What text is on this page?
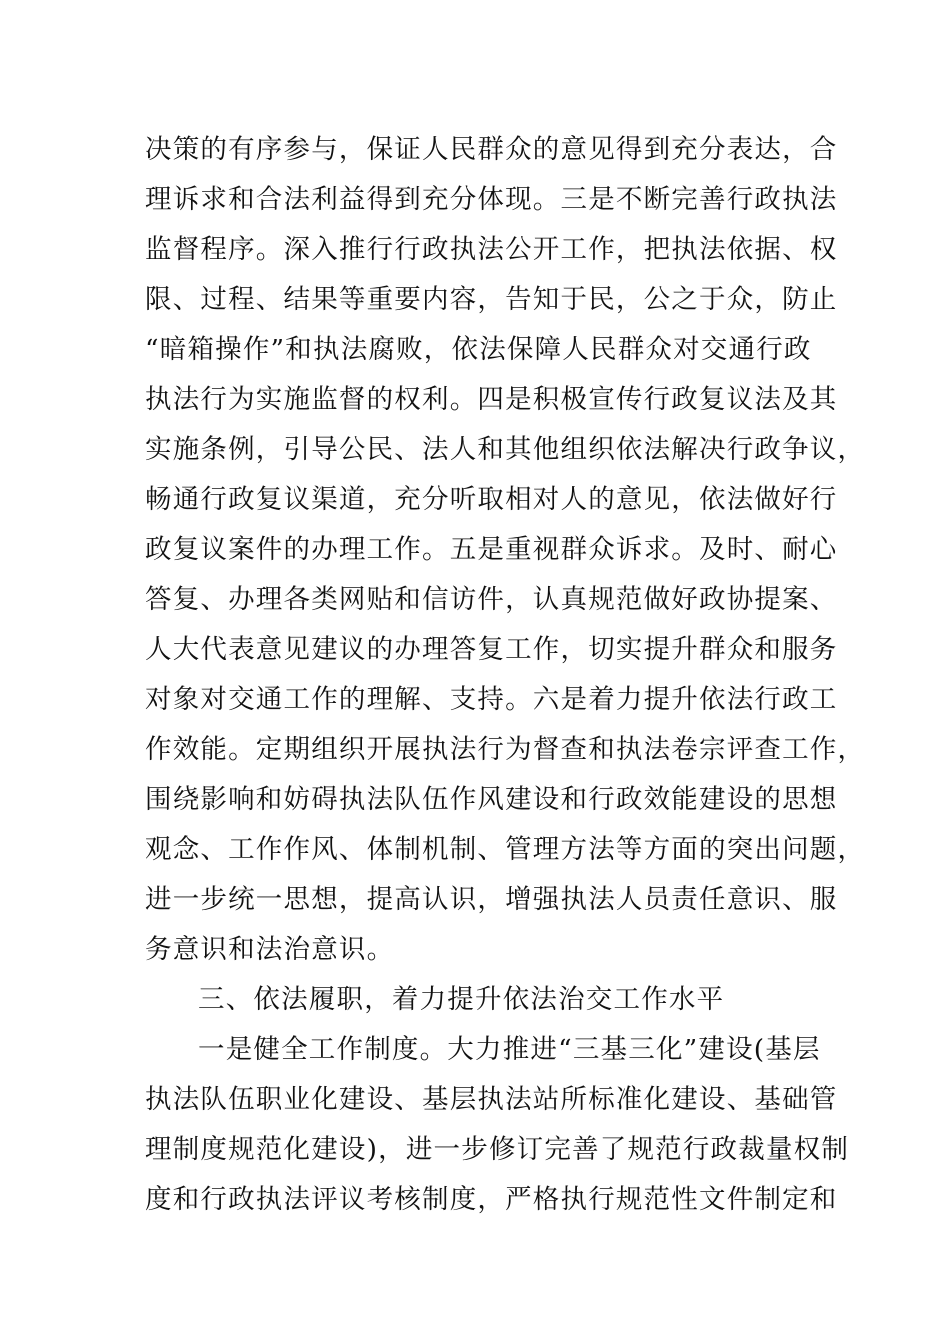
决策的有序参与，保证人民群众的意见得到充分表达，合
理诉求和合法利益得到充分体现。三是不断完善行政执法
监督程序。深入推行行政执法公开工作，把执法依据、权
限、过程、结果等重要内容，告知于民，公之于众，防止
“暗箱操作”和执法腐败，依法保障人民群众对交通行政
执法行为实施监督的权利。四是积极宣传行政复议法及其
实施条例，引导公民、法人和其他组织依法解决行政争议，
畅通行政复议渠道，充分听取相对人的意见，依法做好行
政复议案件的办理工作。五是重视群众诉求。及时、耐心
答复、办理各类网贴和信访件，认真规范做好政协提案、
人大代表意见建议的办理答复工作，切实提升群众和服务
对象对交通工作的理解、支持。六是着力提升依法行政工
作效能。定期组织开展执法行为督查和执法卷宗评查工作，
围绕影响和妨碍执法队伍作风建设和行政效能建设的思想
观念、工作作风、体制机制、管理方法等方面的突出问题，
进一步统一思想，提高认识，增强执法人员责任意识、服
务意识和法治意识。
三、依法履职，着力提升依法治交工作水平
一是健全工作制度。大力推进“三基三化”建设(基层
执法队伍职业化建设、基层执法站所标准化建设、基础管
理制度规范化建设)，进一步修订完善了规范行政裁量权制
度和行政执法评议考核制度，严格执行规范性文件制定和
